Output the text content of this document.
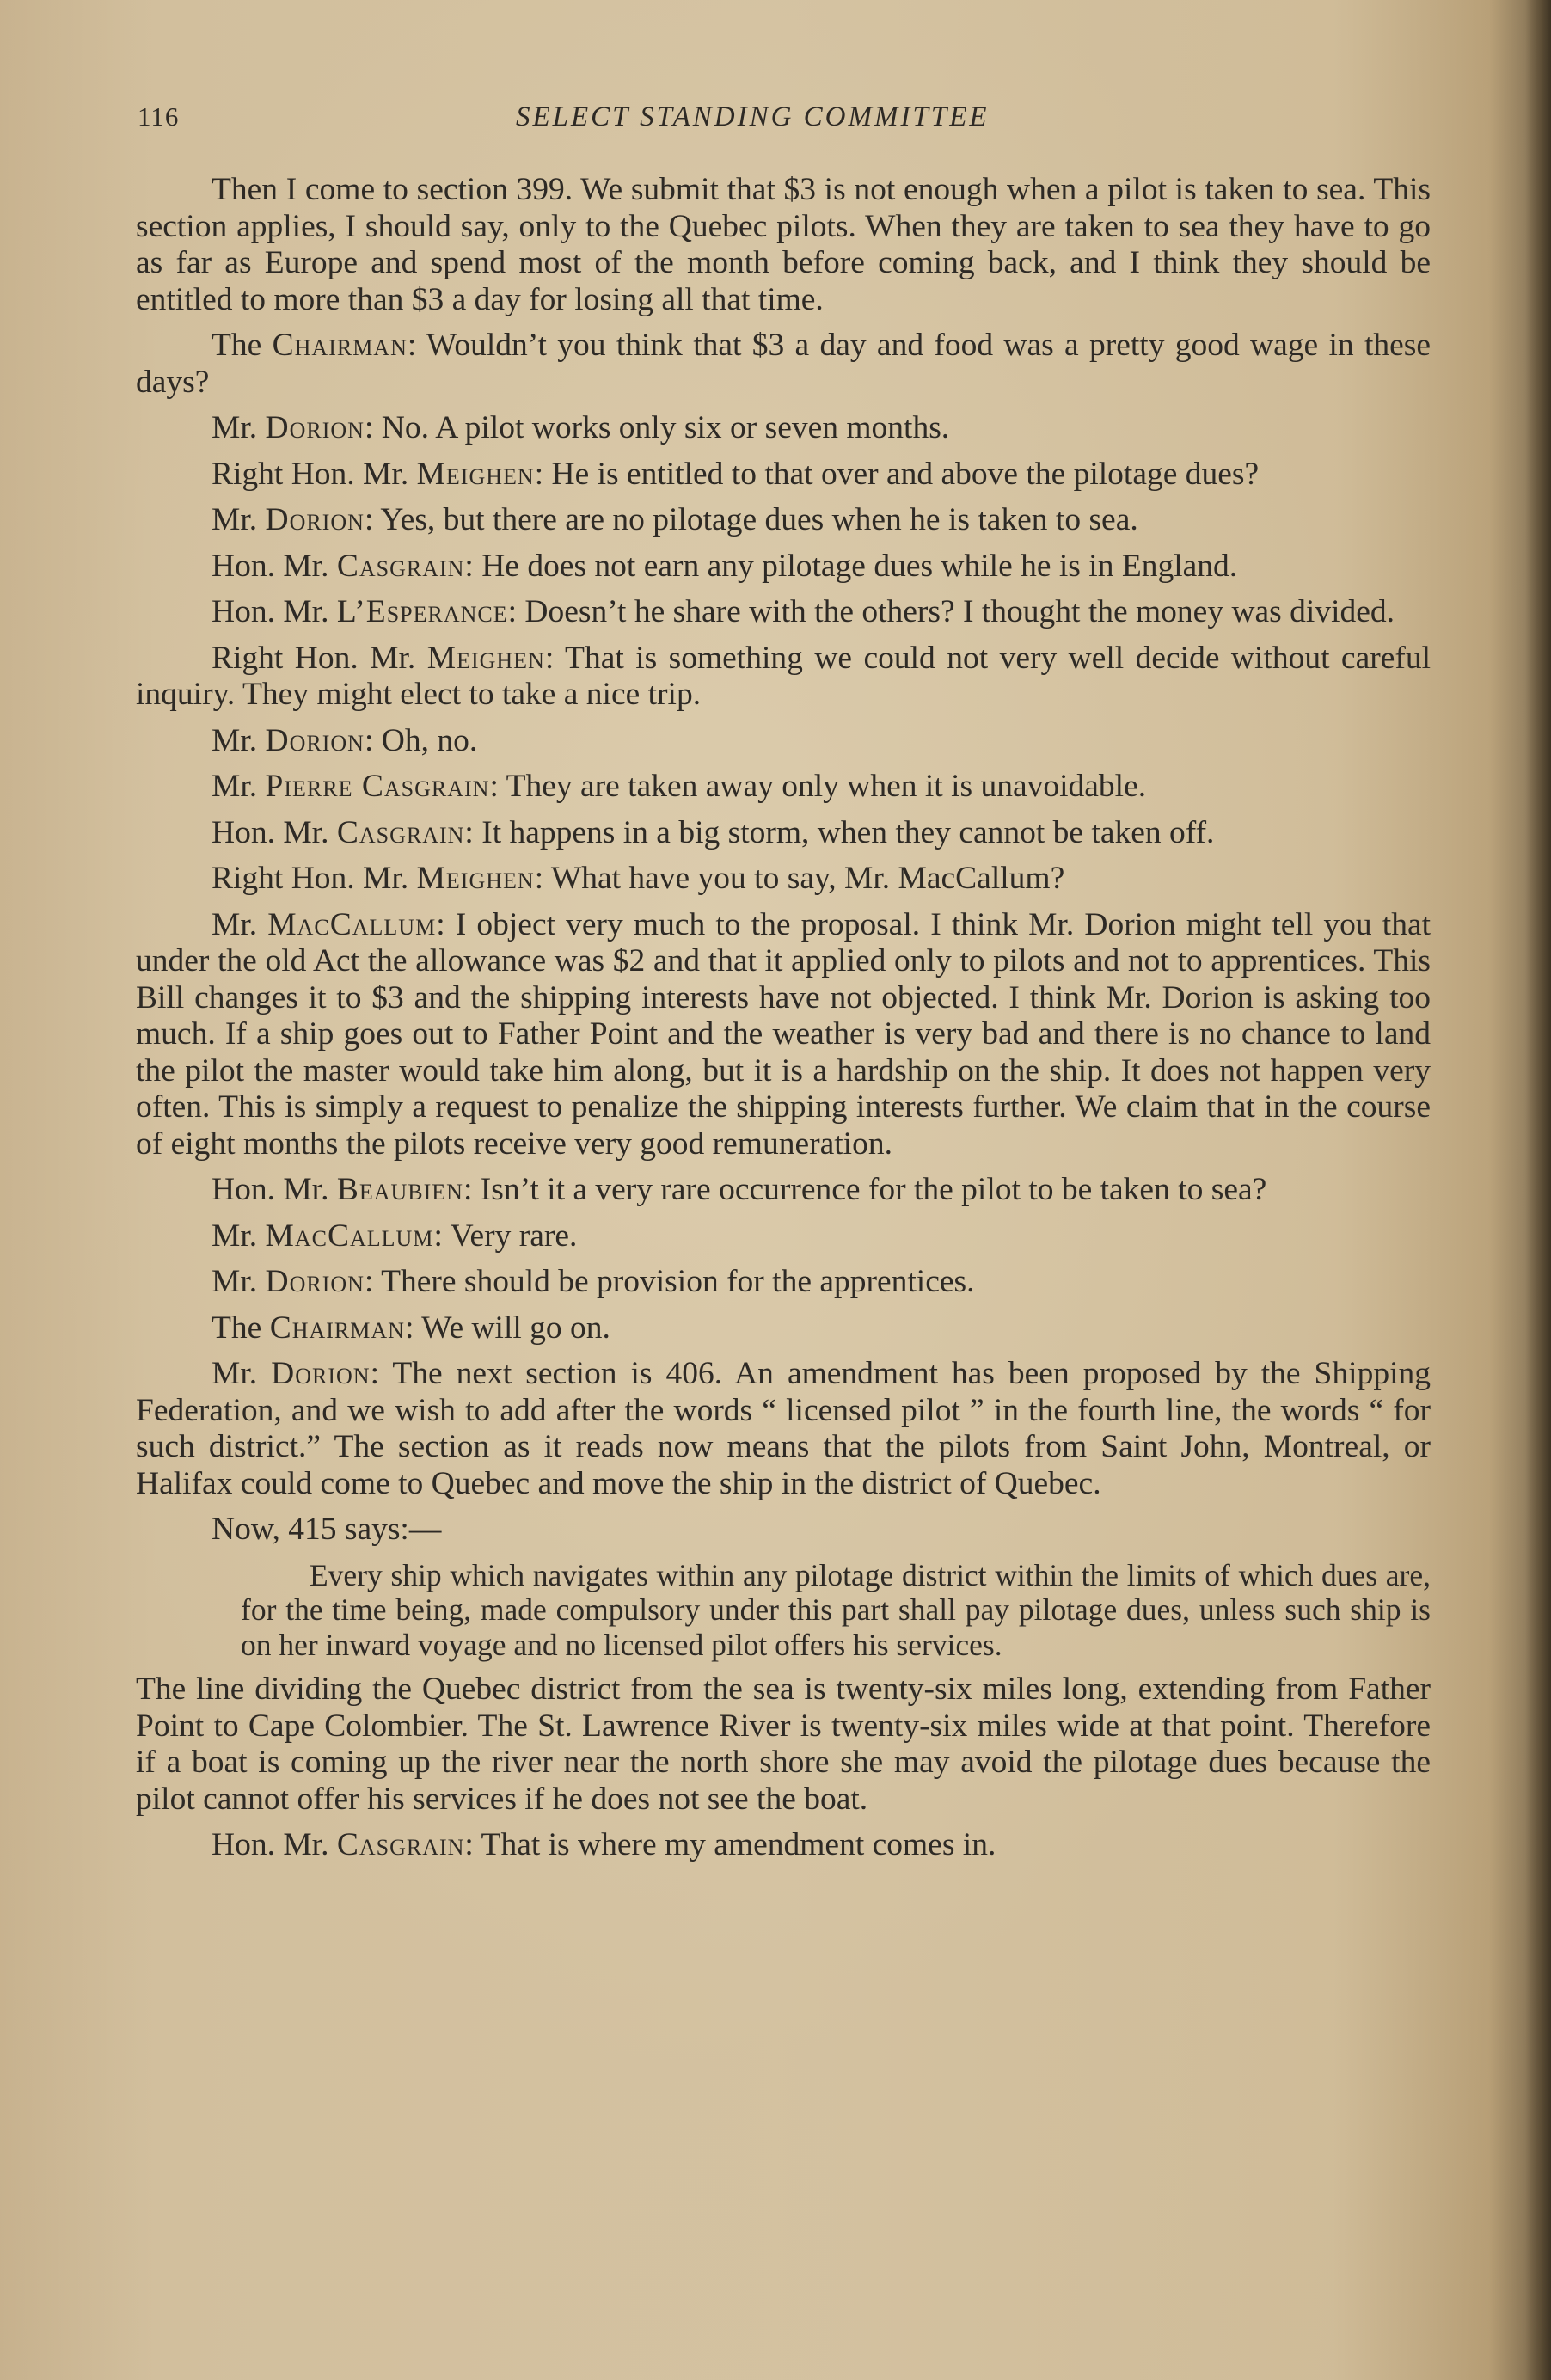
116	SELECT STANDING COMMITTEE

Then I come to section 399. We submit that $3 is not enough when a pilot is taken to sea. This section applies, I should say, only to the Quebec pilots. When they are taken to sea they have to go as far as Europe and spend most of the month before coming back, and I think they should be entitled to more than $3 a day for losing all that time.

The Chairman: Wouldn’t you think that $3 a day and food was a pretty good wage in these days?

Mr. Dorion: No. A pilot works only six or seven months.

Right Hon. Mr. Meighen: He is entitled to that over and above the pilotage dues?

Mr. Dorion: Yes, but there are no pilotage dues when he is taken to sea.

Hon. Mr. Casgrain: He does not earn any pilotage dues while he is in England.

Hon. Mr. L’Esperance: Doesn’t he share with the others? I thought the money was divided.

Right Hon. Mr. Meighen: That is something we could not very well decide without careful inquiry. They might elect to take a nice trip.

Mr. Dorion: Oh, no.

Mr. Pierre Casgrain: They are taken away only when it is unavoidable.

Hon. Mr. Casgrain: It happens in a big storm, when they cannot be taken off.

Right Hon. Mr. Meighen: What have you to say, Mr. MacCallum?

Mr. MacCallum: I object very much to the proposal. I think Mr. Dorion might tell you that under the old Act the allowance was $2 and that it applied only to pilots and not to apprentices. This Bill changes it to $3 and the shipping interests have not objected. I think Mr. Dorion is asking too much. If a ship goes out to Father Point and the weather is very bad and there is no chance to land the pilot the master would take him along, but it is a hardship on the ship. It does not happen very often. This is simply a request to penalize the shipping interests further. We claim that in the course of eight months the pilots receive very good remuneration.

Hon. Mr. Beaubien: Isn’t it a very rare occurrence for the pilot to be taken to sea?

Mr. MacCallum: Very rare.

Mr. Dorion: There should be provision for the apprentices.

The Chairman: We will go on.

Mr. Dorion: The next section is 406. An amendment has been proposed by the Shipping Federation, and we wish to add after the words “ licensed pilot ” in the fourth line, the words “ for such district.” The section as it reads now means that the pilots from Saint John, Montreal, or Halifax could come to Quebec and move the ship in the district of Quebec.

Now, 415 says:—

Every ship which navigates within any pilotage district within the limits of which dues are, for the time being, made compulsory under this part shall pay pilotage dues, unless such ship is on her inward voyage and no licensed pilot offers his services.

The line dividing the Quebec district from the sea is twenty-six miles long, extending from Father Point to Cape Colombier. The St. Lawrence River is twenty-six miles wide at that point. Therefore if a boat is coming up the river near the north shore she may avoid the pilotage dues because the pilot cannot offer his services if he does not see the boat.

Hon. Mr. Casgrain: That is where my amendment comes in.
